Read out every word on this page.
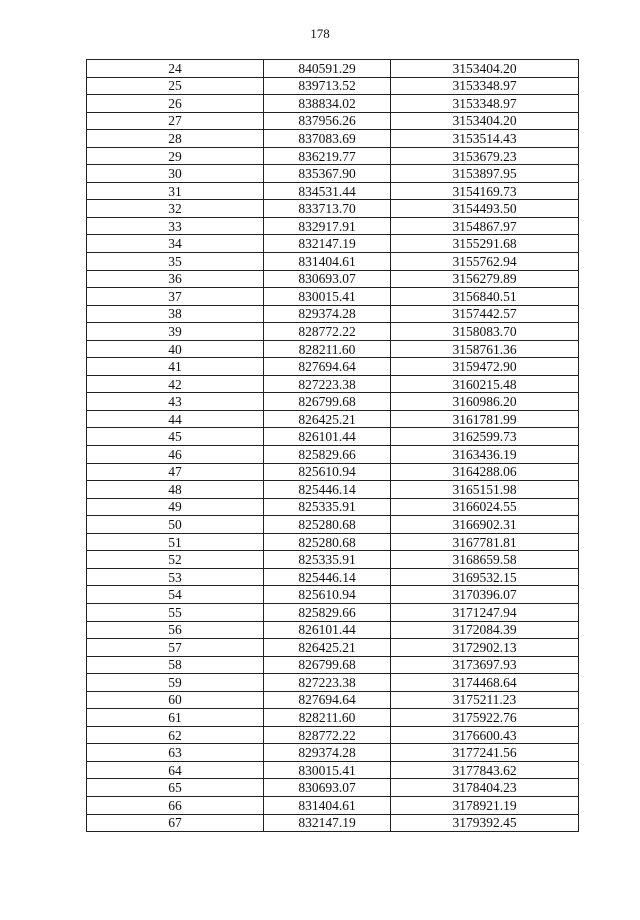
178
24	840591.29	3153404.20
25	839713.52	3153348.97
26	838834.02	3153348.97
27	837956.26	3153404.20
28	837083.69	3153514.43
29	836219.77	3153679.23
30	835367.90	3153897.95
31	834531.44	3154169.73
32	833713.70	3154493.50
33	832917.91	3154867.97
34	832147.19	3155291.68
35	831404.61	3155762.94
36	830693.07	3156279.89
37	830015.41	3156840.51
38	829374.28	3157442.57
39	828772.22	3158083.70
40	828211.60	3158761.36
41	827694.64	3159472.90
42	827223.38	3160215.48
43	826799.68	3160986.20
44	826425.21	3161781.99
45	826101.44	3162599.73
46	825829.66	3163436.19
47	825610.94	3164288.06
48	825446.14	3165151.98
49	825335.91	3166024.55
50	825280.68	3166902.31
51	825280.68	3167781.81
52	825335.91	3168659.58
53	825446.14	3169532.15
54	825610.94	3170396.07
55	825829.66	3171247.94
56	826101.44	3172084.39
57	826425.21	3172902.13
58	826799.68	3173697.93
59	827223.38	3174468.64
60	827694.64	3175211.23
61	828211.60	3175922.76
62	828772.22	3176600.43
63	829374.28	3177241.56
64	830015.41	3177843.62
65	830693.07	3178404.23
66	831404.61	3178921.19
67	832147.19	3179392.45
